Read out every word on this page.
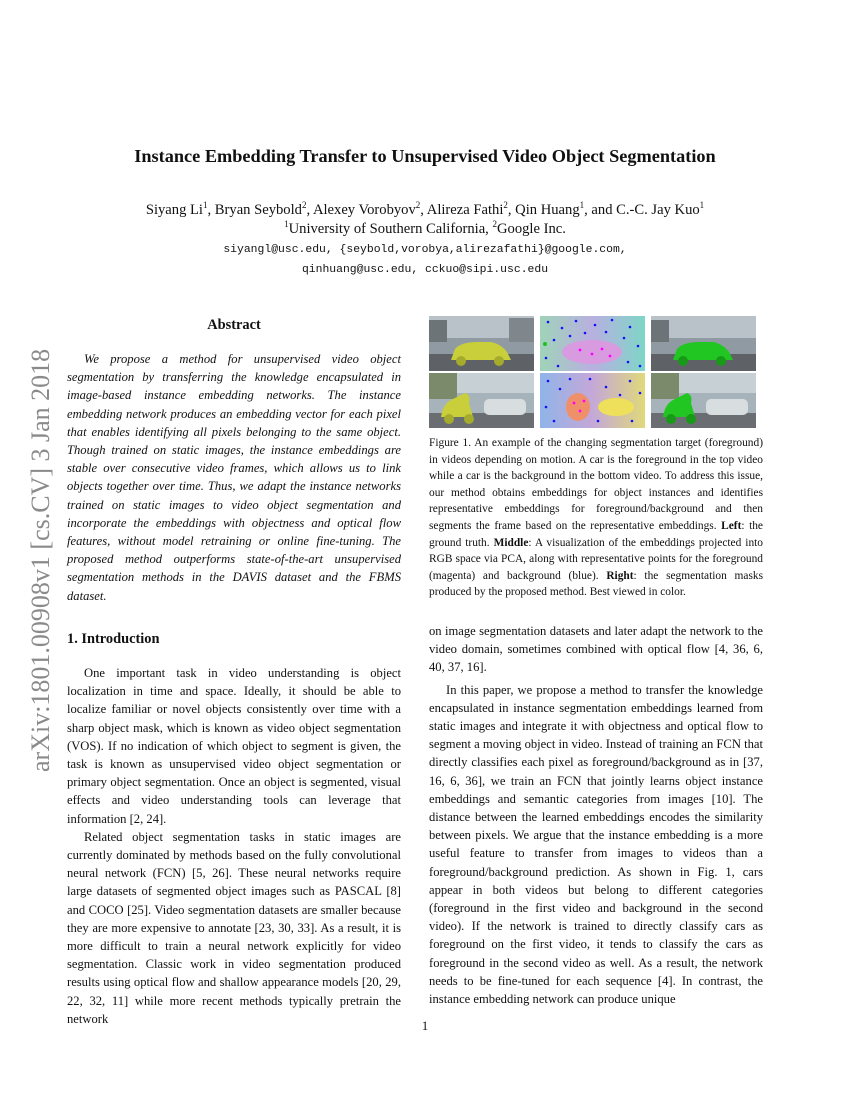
Instance Embedding Transfer to Unsupervised Video Object Segmentation
Siyang Li$^1$, Bryan Seybold$^2$, Alexey Vorobyov$^2$, Alireza Fathi$^2$, Qin Huang$^1$, and C.-C. Jay Kuo$^1$
$^1$University of Southern California, $^2$Google Inc.
siyangl@usc.edu, {seybold,vorobya,alirezafathi}@google.com,
qinhuang@usc.edu, cckuo@sipi.usc.edu
arXiv:1801.00908v1 [cs.CV] 3 Jan 2018
Abstract

We propose a method for unsupervised video object segmentation by transferring the knowledge encapsulated in image-based instance embedding networks. The instance embedding network produces an embedding vector for each pixel that enables identifying all pixels belonging to the same object. Though trained on static images, the instance embeddings are stable over consecutive video frames, which allows us to link objects together over time. Thus, we adapt the instance networks trained on static images to video object segmentation and incorporate the embeddings with objectness and optical flow features, without model retraining or online fine-tuning. The proposed method outperforms state-of-the-art unsupervised segmentation methods in the DAVIS dataset and the FBMS dataset.

1. Introduction

One important task in video understanding is object localization in time and space. Ideally, it should be able to localize familiar or novel objects consistently over time with a sharp object mask, which is known as video object segmentation (VOS). If no indication of which object to segment is given, the task is known as unsupervised video object segmentation or primary object segmentation. Once an object is segmented, visual effects and video understanding tools can leverage that information [2, 24].

Related object segmentation tasks in static images are currently dominated by methods based on the fully convolutional neural network (FCN) [5, 26]. These neural networks require large datasets of segmented object images such as PASCAL [8] and COCO [25]. Video segmentation datasets are smaller because they are more expensive to annotate [23, 30, 33]. As a result, it is more difficult to train a neural network explicitly for video segmentation. Classic work in video segmentation produced results using optical flow and shallow appearance models [20, 29, 22, 32, 11] while more recent methods typically pretrain the network

Figure 1. An example of the changing segmentation target (foreground) in videos depending on motion. A car is the foreground in the top video while a car is the background in the bottom video. To address this issue, our method obtains embeddings for object instances and identifies representative embeddings for foreground/background and then segments the frame based on the representative embeddings. Left: the ground truth. Middle: A visualization of the embeddings projected into RGB space via PCA, along with representative points for the foreground (magenta) and background (blue). Right: the segmentation masks produced by the proposed method. Best viewed in color.

on image segmentation datasets and later adapt the network to the video domain, sometimes combined with optical flow [4, 36, 6, 40, 37, 16].

In this paper, we propose a method to transfer the knowledge encapsulated in instance segmentation embeddings learned from static images and integrate it with objectness and optical flow to segment a moving object in video. Instead of training an FCN that directly classifies each pixel as foreground/background as in [37, 16, 6, 36], we train an FCN that jointly learns object instance embeddings and semantic categories from images [10]. The distance between the learned embeddings encodes the similarity between pixels. We argue that the instance embedding is a more useful feature to transfer from images to videos than a foreground/background prediction. As shown in Fig. 1, cars appear in both videos but belong to different categories (foreground in the first video and background in the second video). If the network is trained to directly classify cars as foreground on the first video, it tends to classify the cars as foreground in the second video as well. As a result, the network needs to be fine-tuned for each sequence [4]. In contrast, the instance embedding network can produce unique

1
